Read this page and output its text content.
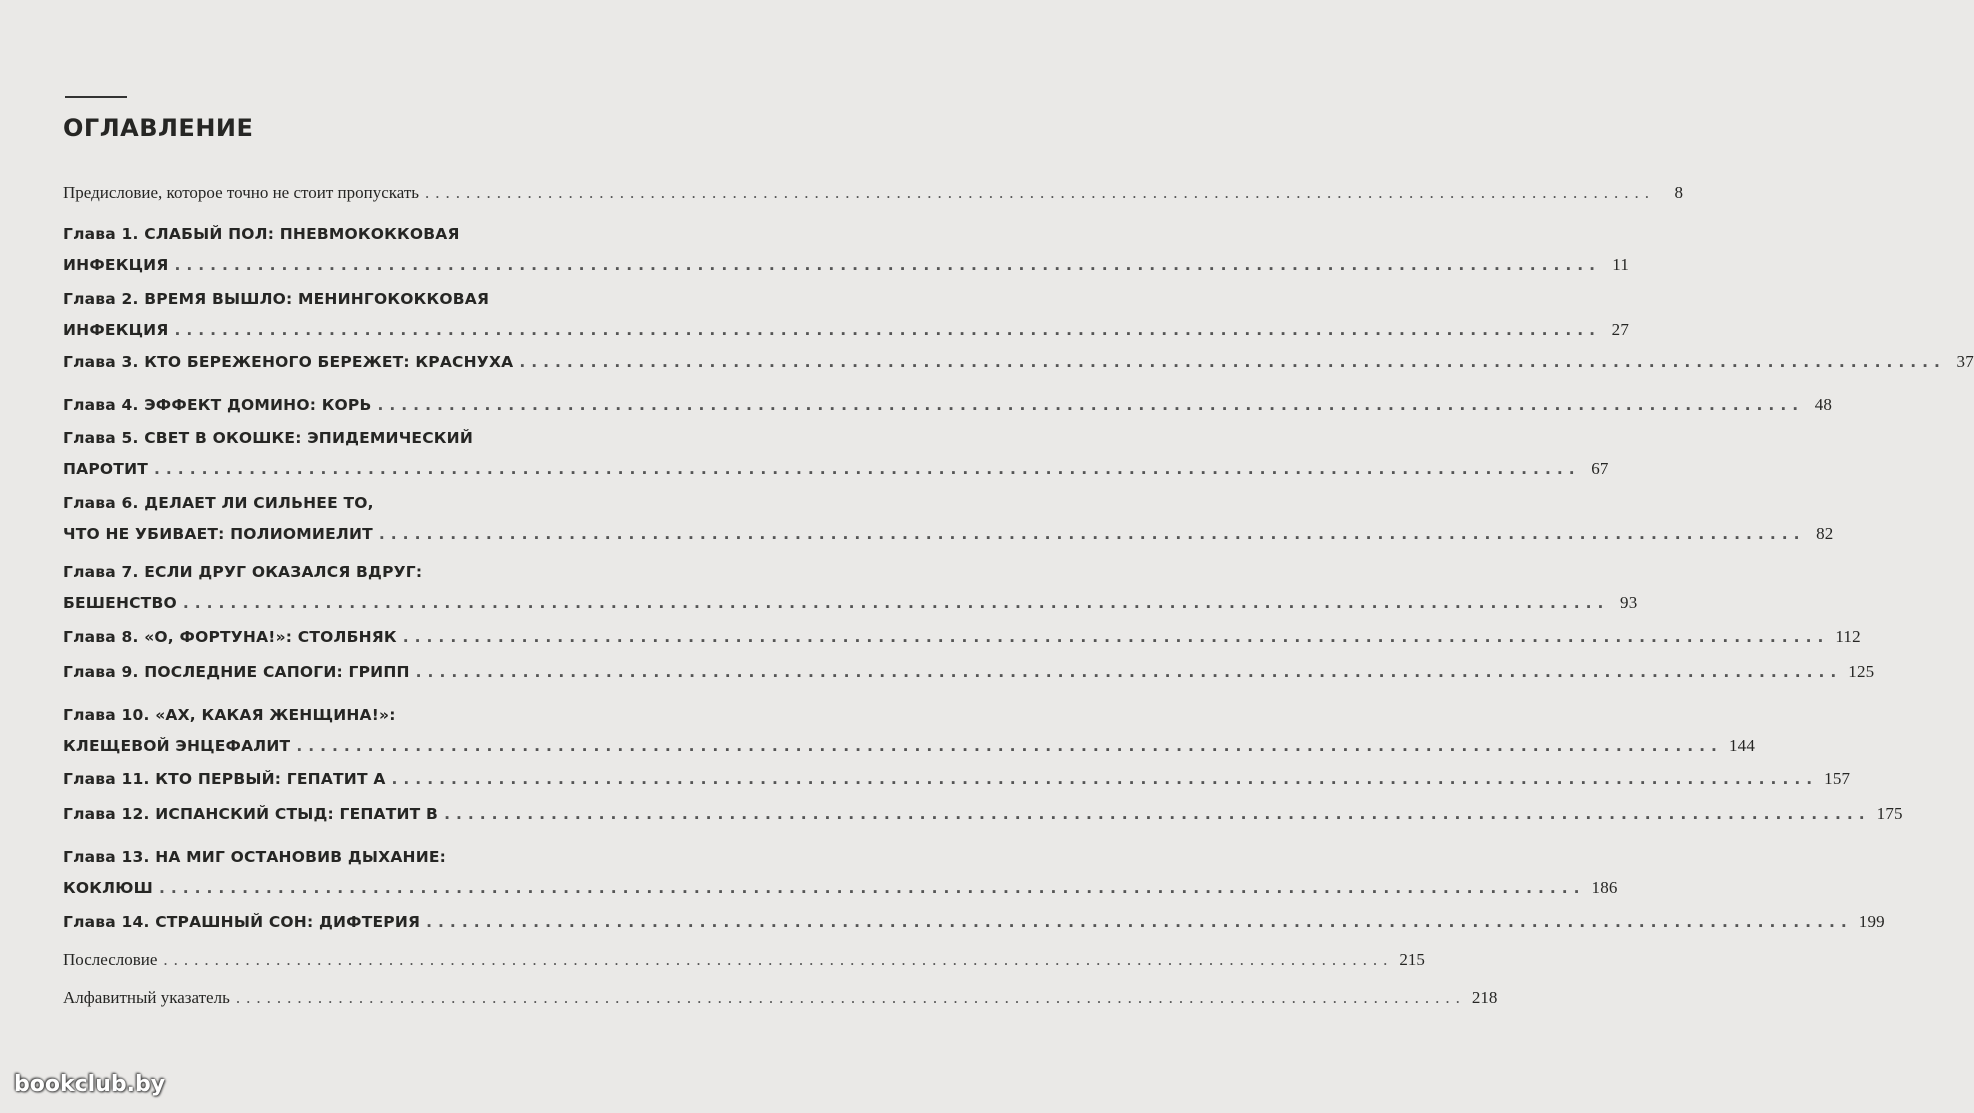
ОГЛАВЛЕНИЕ
Предисловие, которое точно не стоит пропускать ........................................................................................................................	8
Глава 1. СЛАБЫЙ ПОЛ: ПНЕВМОКОККОВАЯ
ИНФЕКЦИЯ ........................................................................................................................ 11
Глава 2. ВРЕМЯ ВЫШЛО: МЕНИНГОКОККОВАЯ
ИНФЕКЦИЯ ........................................................................................................................ 27
Глава 3. КТО БЕРЕЖЕНОГО БЕРЕЖЕТ: КРАСНУХА ........................................................................................................................ 37
Глава 4. ЭФФЕКТ ДОМИНО: КОРЬ ........................................................................................................................ 48
Глава 5. СВЕТ В ОКОШКЕ: ЭПИДЕМИЧЕСКИЙ
ПАРОТИТ ........................................................................................................................ 67
Глава 6. ДЕЛАЕТ ЛИ СИЛЬНЕЕ ТО,
ЧТО НЕ УБИВАЕТ: ПОЛИОМИЕЛИТ ........................................................................................................................ 82
Глава 7. ЕСЛИ ДРУГ ОКАЗАЛСЯ ВДРУГ:
БЕШЕНСТВО ........................................................................................................................ 93
Глава 8. «О, ФОРТУНА!»: СТОЛБНЯК ........................................................................................................................ 112
Глава 9. ПОСЛЕДНИЕ САПОГИ: ГРИПП ........................................................................................................................ 125
Глава 10. «АХ, КАКАЯ ЖЕНЩИНА!»:
КЛЕЩЕВОЙ ЭНЦЕФАЛИТ ........................................................................................................................ 144
Глава 11. КТО ПЕРВЫЙ: ГЕПАТИТ А ........................................................................................................................ 157
Глава 12. ИСПАНСКИЙ СТЫД: ГЕПАТИТ В ........................................................................................................................ 175
Глава 13. НА МИГ ОСТАНОВИВ ДЫХАНИЕ:
КОКЛЮШ ........................................................................................................................ 186
Глава 14. СТРАШНЫЙ СОН: ДИФТЕРИЯ ........................................................................................................................ 199
Послесловие ........................................................................................................................ 215
Алфавитный указатель ........................................................................................................................ 218
bookclub.by
